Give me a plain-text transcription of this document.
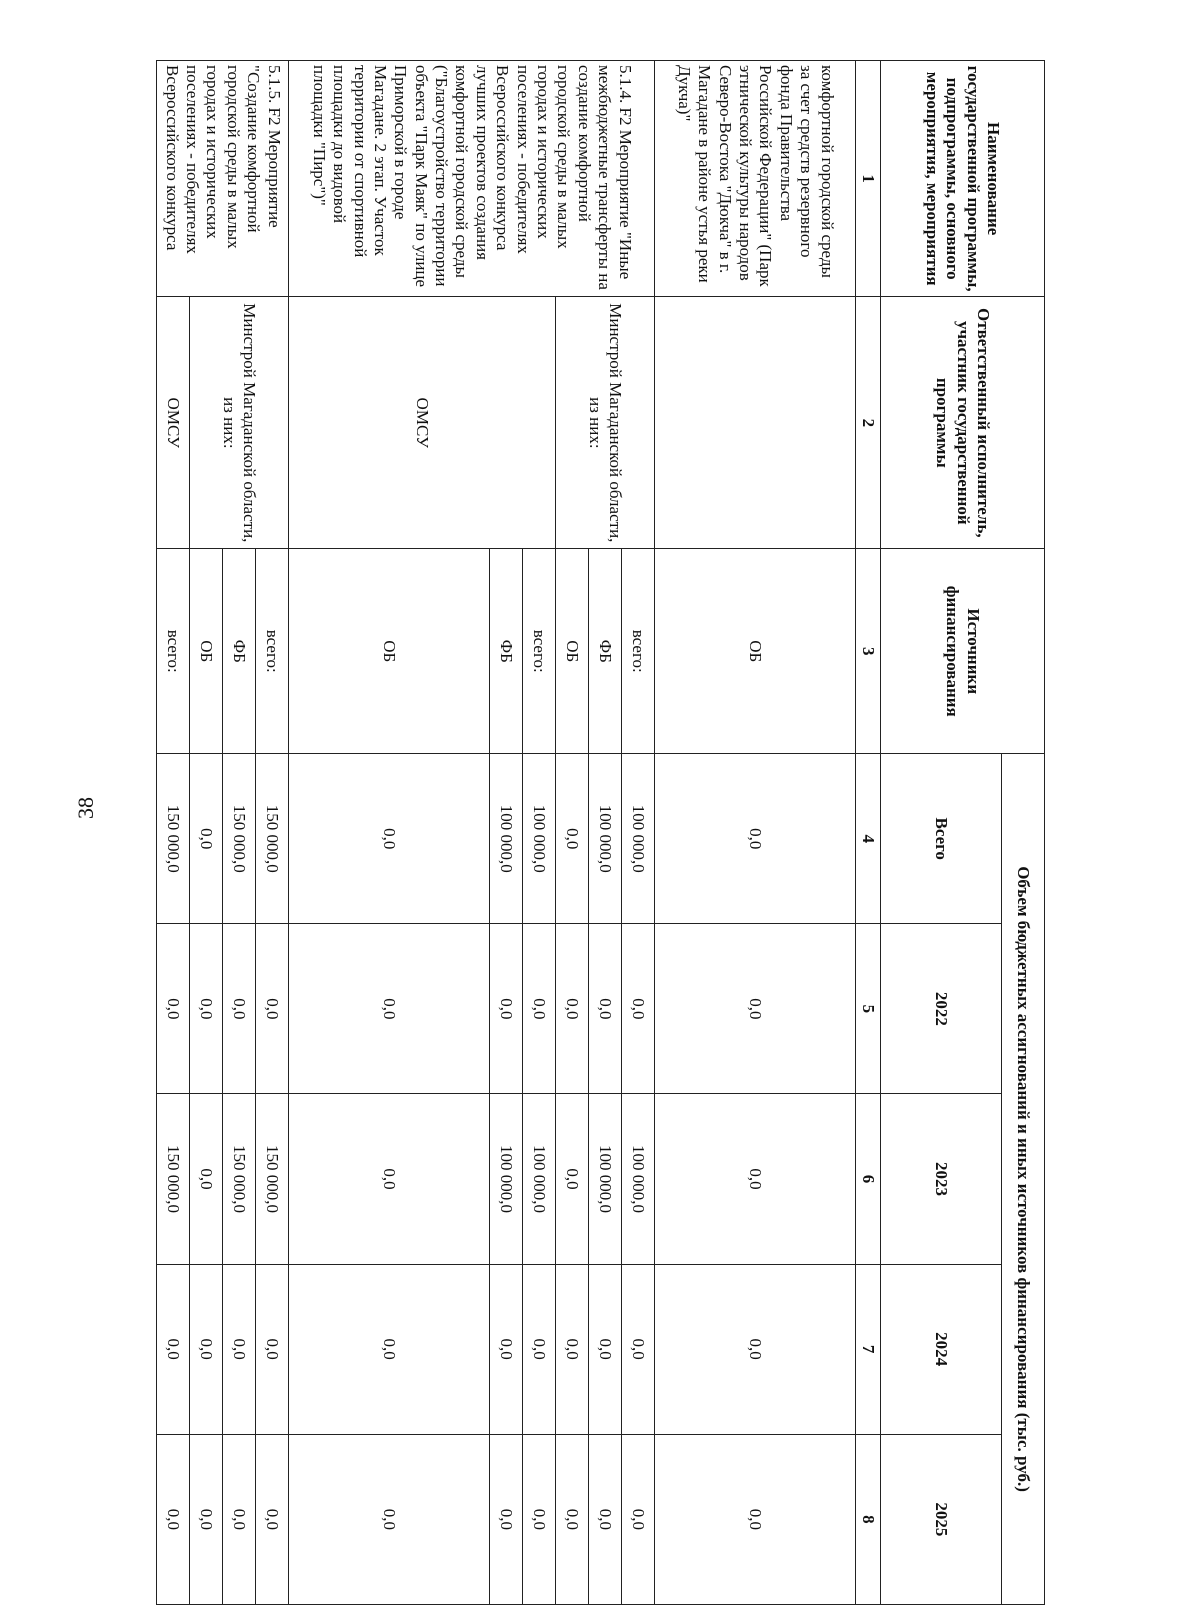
38
Наименование государственной программы, подпрограммы, основного мероприятия, мероприятия	Ответственный исполнитель, участник государственной программы	Источники финансирования	Объем бюджетных ассигнований и иных источников финансирования (тыс. руб.)				
			Всего	2022	2023	2024	2025
1	2	3	4	5	6	7	8
комфортной городской среды за счет средств резервного фонда Правительства Российской Федерации" (Парк этнической культуры народов Северо-Востока "Дюкча" в г. Магадане в районе устья реки Дукча)"		ОБ	0,0	0,0	0,0	0,0	0,0
5.1.4. F2 Мероприятие "Иные межбюджетные трансферты на создание комфортной городской среды в малых городах и исторических поселениях - победителях Всероссийского конкурса лучших проектов создания комфортной городской среды ("Благоустройство территории объекта "Парк Маяк" по улице Приморской в городе Магадане. 2 этап. Участок территории от спортивной площадки до видовой площадки "Пирс")"	Минстрой Магаданской области, из них:	всего:	100 000,0	0,0	100 000,0	0,0	0,0
		ФБ	100 000,0	0,0	100 000,0	0,0	0,0
		ОБ	0,0	0,0	0,0	0,0	0,0
	ОМСУ	всего:	100 000,0	0,0	100 000,0	0,0	0,0
		ФБ	100 000,0	0,0	100 000,0	0,0	0,0
		ОБ	0,0	0,0	0,0	0,0	0,0
5.1.5. F2 Мероприятие "Создание комфортной городской среды в малых городах и исторических поселениях - победителях Всероссийского конкурса	Минстрой Магаданской области, из них:	всего:	150 000,0	0,0	150 000,0	0,0	0,0
		ФБ	150 000,0	0,0	150 000,0	0,0	0,0
		ОБ	0,0	0,0	0,0	0,0	0,0
	ОМСУ	всего:	150 000,0	0,0	150 000,0	0,0	0,0
